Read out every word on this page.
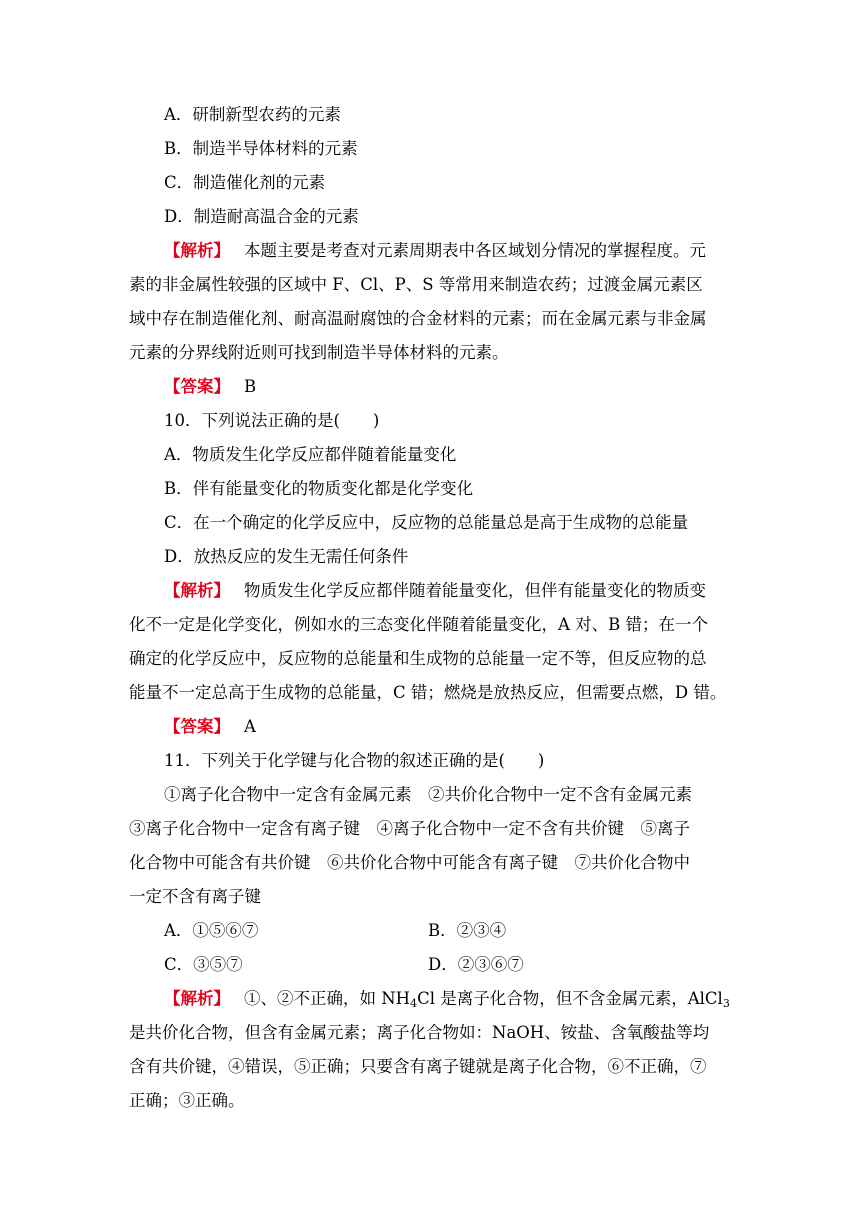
A．研制新型农药的元素
B．制造半导体材料的元素
C．制造催化剂的元素
D．制造耐高温合金的元素
【解析】 本题主要是考查对元素周期表中各区域划分情况的掌握程度。元
素的非金属性较强的区域中 F、Cl、P、S 等常用来制造农药；过渡金属元素区
域中存在制造催化剂、耐高温耐腐蚀的合金材料的元素；而在金属元素与非金属
元素的分界线附近则可找到制造半导体材料的元素。
【答案】 B
10．下列说法正确的是(　　)
A．物质发生化学反应都伴随着能量变化
B．伴有能量变化的物质变化都是化学变化
C．在一个确定的化学反应中，反应物的总能量总是高于生成物的总能量
D．放热反应的发生无需任何条件
【解析】 物质发生化学反应都伴随着能量变化，但伴有能量变化的物质变
化不一定是化学变化，例如水的三态变化伴随着能量变化，A 对、B 错；在一个
确定的化学反应中，反应物的总能量和生成物的总能量一定不等，但反应物的总
能量不一定总高于生成物的总能量，C 错；燃烧是放热反应，但需要点燃，D 错。
【答案】 A
11．下列关于化学键与化合物的叙述正确的是(　　)
①离子化合物中一定含有金属元素　②共价化合物中一定不含有金属元素
③离子化合物中一定含有离子键　④离子化合物中一定不含有共价键　⑤离子
化合物中可能含有共价键　⑥共价化合物中可能含有离子键　⑦共价化合物中
一定不含有离子键
A．①⑤⑥⑦	B．②③④
C．③⑤⑦	D．②③⑥⑦
【解析】 ①、②不正确，如 $NH_4Cl$ 是离子化合物，但不含金属元素，AlCl$_3$
是共价化合物，但含有金属元素；离子化合物如：NaOH、铵盐、含氧酸盐等均
含有共价键，④错误，⑤正确；只要含有离子键就是离子化合物，⑥不正确，⑦
正确；③正确。
